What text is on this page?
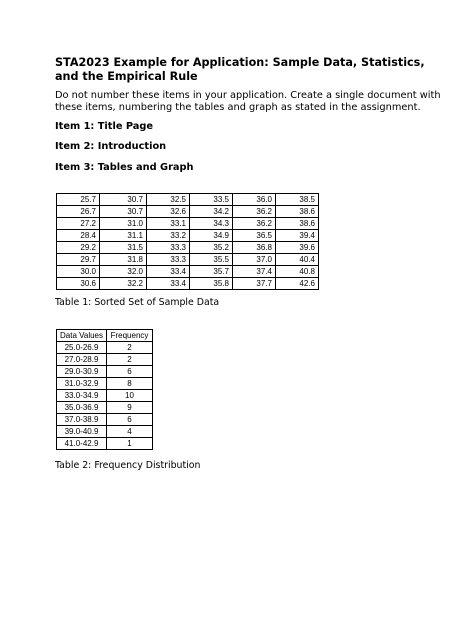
STA2023 Example for Application: Sample Data, Statistics, and the Empirical Rule
Do not number these items in your application. Create a single document with these items, numbering the tables and graph as stated in the assignment.
Item 1: Title Page
Item 2: Introduction
Item 3: Tables and Graph
25.7	30.7	32.5	33.5	36.0	38.5
26.7	30.7	32.6	34.2	36.2	38.6
27.2	31.0	33.1	34.3	36.2	38.6
28.4	31.1	33.2	34.9	36.5	39.4
29.2	31.5	33.3	35.2	36.8	39.6
29.7	31.8	33.3	35.5	37.0	40.4
30.0	32.0	33.4	35.7	37.4	40.8
30.6	32.2	33.4	35.8	37.7	42.6
Table 1: Sorted Set of Sample Data
Data Values	Frequency
25.0-26.9	2
27.0-28.9	2
29.0-30.9	6
31.0-32.9	8
33.0-34.9	10
35.0-36.9	9
37.0-38.9	6
39.0-40.9	4
41.0-42.9	1
Table 2: Frequency Distribution
